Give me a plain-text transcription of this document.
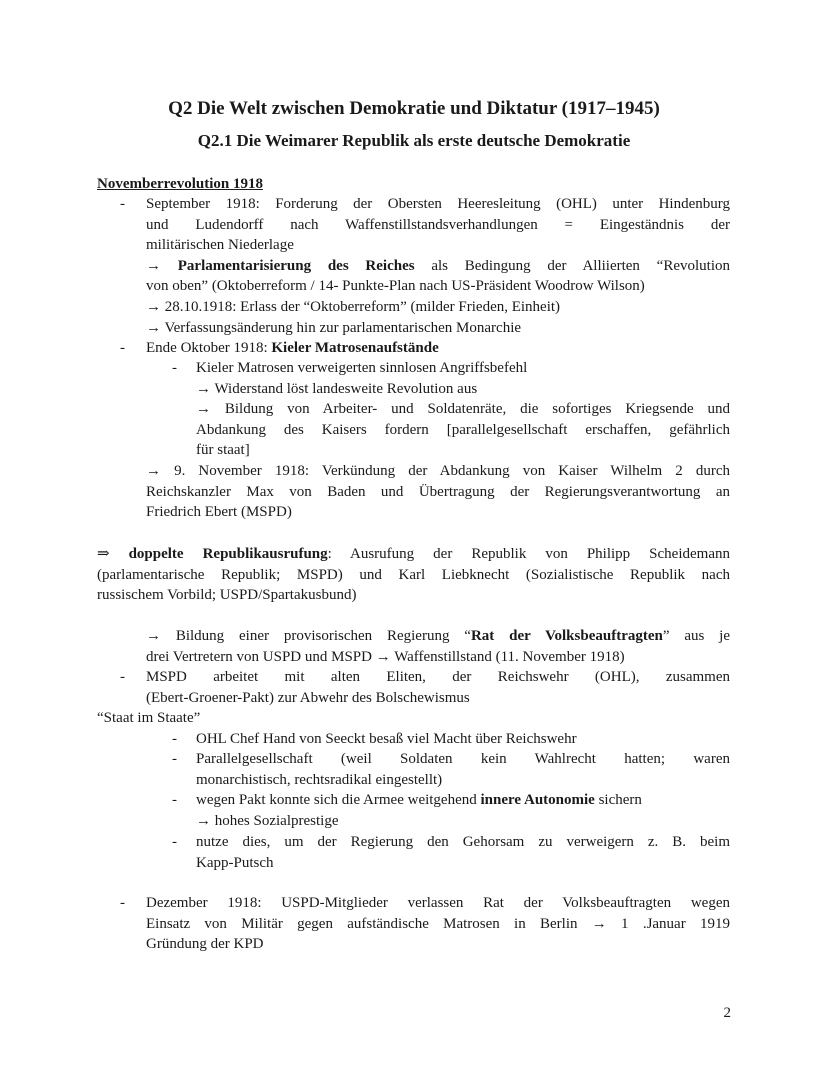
Q2 Die Welt zwischen Demokratie und Diktatur (1917–1945)
Q2.1 Die Weimarer Republik als erste deutsche Demokratie
Novemberrevolution 1918
-	September 1918: Forderung der Obersten Heeresleitung (OHL) unter Hindenburg
und Ludendorff nach Waffenstillstandsverhandlungen = Eingeständnis der
militärischen Niederlage
→ Parlamentarisierung des Reiches als Bedingung der Alliierten “Revolution
von oben” (Oktoberreform / 14- Punkte-Plan nach US-Präsident Woodrow Wilson)
→ 28.10.1918: Erlass der “Oktoberreform” (milder Frieden, Einheit)
→ Verfassungsänderung hin zur parlamentarischen Monarchie
-	Ende Oktober 1918: Kieler Matrosenaufstände
-	Kieler Matrosen verweigerten sinnlosen Angriffsbefehl
→ Widerstand löst landesweite Revolution aus
→ Bildung von Arbeiter- und Soldatenräte, die sofortiges Kriegsende und
Abdankung des Kaisers fordern [parallelgesellschaft erschaffen, gefährlich
für staat]
→ 9. November 1918: Verkündung der Abdankung von Kaiser Wilhelm 2 durch
Reichskanzler Max von Baden und Übertragung der Regierungsverantwortung an
Friedrich Ebert (MSPD)
⇒ doppelte Republikausrufung: Ausrufung der Republik von Philipp Scheidemann
(parlamentarische Republik; MSPD) und Karl Liebknecht (Sozialistische Republik nach
russischem Vorbild; USPD/Spartakusbund)
→ Bildung einer provisorischen Regierung “Rat der Volksbeauftragten” aus je
drei Vertretern von USPD und MSPD → Waffenstillstand (11. November 1918)
-	MSPD arbeitet mit alten Eliten, der Reichswehr (OHL), zusammen
(Ebert-Groener-Pakt) zur Abwehr des Bolschewismus
“Staat im Staate”
-	OHL Chef Hand von Seeckt besaß viel Macht über Reichswehr
-	Parallelgesellschaft (weil Soldaten kein Wahlrecht hatten; waren
monarchistisch, rechtsradikal eingestellt)
-	wegen Pakt konnte sich die Armee weitgehend innere Autonomie sichern
→ hohes Sozialprestige
-	nutze dies, um der Regierung den Gehorsam zu verweigern z. B. beim
Kapp-Putsch
-	Dezember 1918: USPD-Mitglieder verlassen Rat der Volksbeauftragten wegen
Einsatz von Militär gegen aufständische Matrosen in Berlin → 1 .Januar 1919
Gründung der KPD
2
